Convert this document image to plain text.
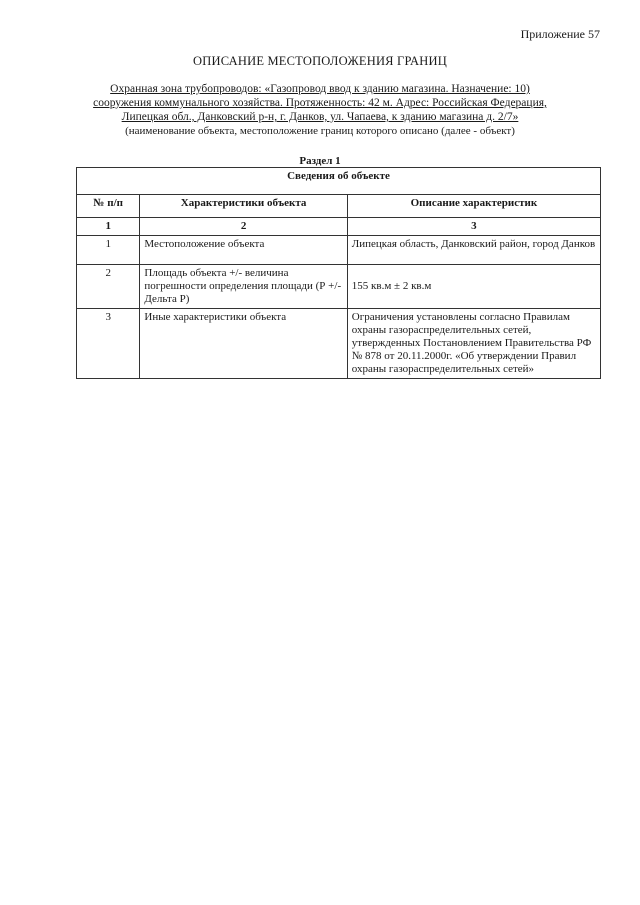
Приложение 57
ОПИСАНИЕ МЕСТОПОЛОЖЕНИЯ ГРАНИЦ
Охранная зона трубопроводов: «Газопровод ввод к зданию магазина. Назначение: 10) сооружения коммунального хозяйства. Протяженность: 42 м. Адрес: Российская Федерация, Липецкая обл., Данковский р-н, г. Данков, ул. Чапаева, к зданию магазина д. 2/7»
(наименование объекта, местоположение границ которого описано (далее - объект)
Раздел 1
Сведения об объекте		
№ п/п	Характеристики объекта	Описание характеристик
1	2	3
1	Местоположение объекта	Липецкая область, Данковский район, город Данков
2	Площадь объекта +/- величина погрешности определения площади (Р +/- Дельта Р)	155 кв.м ± 2 кв.м
3	Иные характеристики объекта	Ограничения установлены согласно Правилам охраны газораспределительных сетей, утвержденных Постановлением Правительства РФ № 878 от 20.11.2000г. «Об утверждении Правил охраны газораспределительных сетей»
